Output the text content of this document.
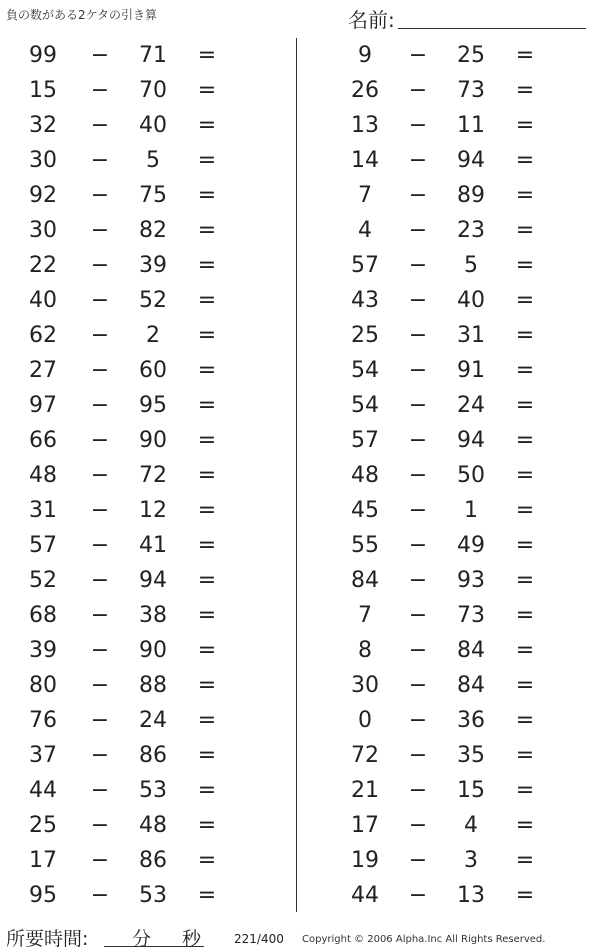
負の数がある2ケタの引き算	名前:
99	−	71	=
15	−	70	=
32	−	40	=
30	−	5	=
92	−	75	=
30	−	82	=
22	−	39	=
40	−	52	=
62	−	2	=
27	−	60	=
97	−	95	=
66	−	90	=
48	−	72	=
31	−	12	=
57	−	41	=
52	−	94	=
68	−	38	=
39	−	90	=
80	−	88	=
76	−	24	=
37	−	86	=
44	−	53	=
25	−	48	=
17	−	86	=
95	−	53	=
9	−	25	=
26	−	73	=
13	−	11	=
14	−	94	=
7	−	89	=
4	−	23	=
57	−	5	=
43	−	40	=
25	−	31	=
54	−	91	=
54	−	24	=
57	−	94	=
48	−	50	=
45	−	1	=
55	−	49	=
84	−	93	=
7	−	73	=
8	−	84	=
30	−	84	=
0	−	36	=
72	−	35	=
21	−	15	=
17	−	4	=
19	−	3	=
44	−	13	=
所要時間: 分 秒	221/400 Copyright © 2006 Alpha.Inc All Rights Reserved.
